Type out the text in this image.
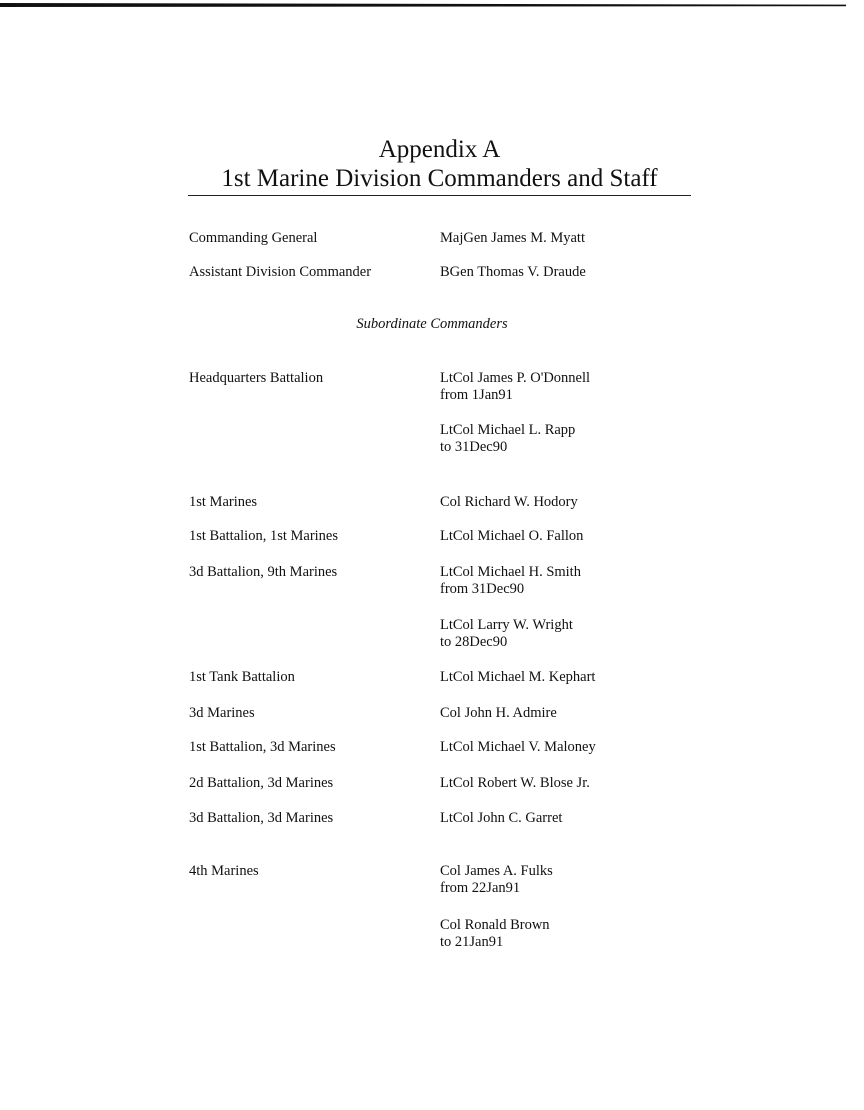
Appendix A
1st Marine Division Commanders and Staff
Commanding General	MajGen James M. Myatt
Assistant Division Commander	BGen Thomas V. Draude
Subordinate Commanders
Headquarters Battalion	LtCol James P. O'Donnell
from 1Jan91
LtCol Michael L. Rapp
to 31Dec90
1st Marines	Col Richard W. Hodory
1st Battalion, 1st Marines	LtCol Michael O. Fallon
3d Battalion, 9th Marines	LtCol Michael H. Smith
from 31Dec90
LtCol Larry W. Wright
to 28Dec90
1st Tank Battalion	LtCol Michael M. Kephart
3d Marines	Col John H. Admire
1st Battalion, 3d Marines	LtCol Michael V. Maloney
2d Battalion, 3d Marines	LtCol Robert W. Blose Jr.
3d Battalion, 3d Marines	LtCol John C. Garret
4th Marines	Col James A. Fulks
from 22Jan91
Col Ronald Brown
to 21Jan91
